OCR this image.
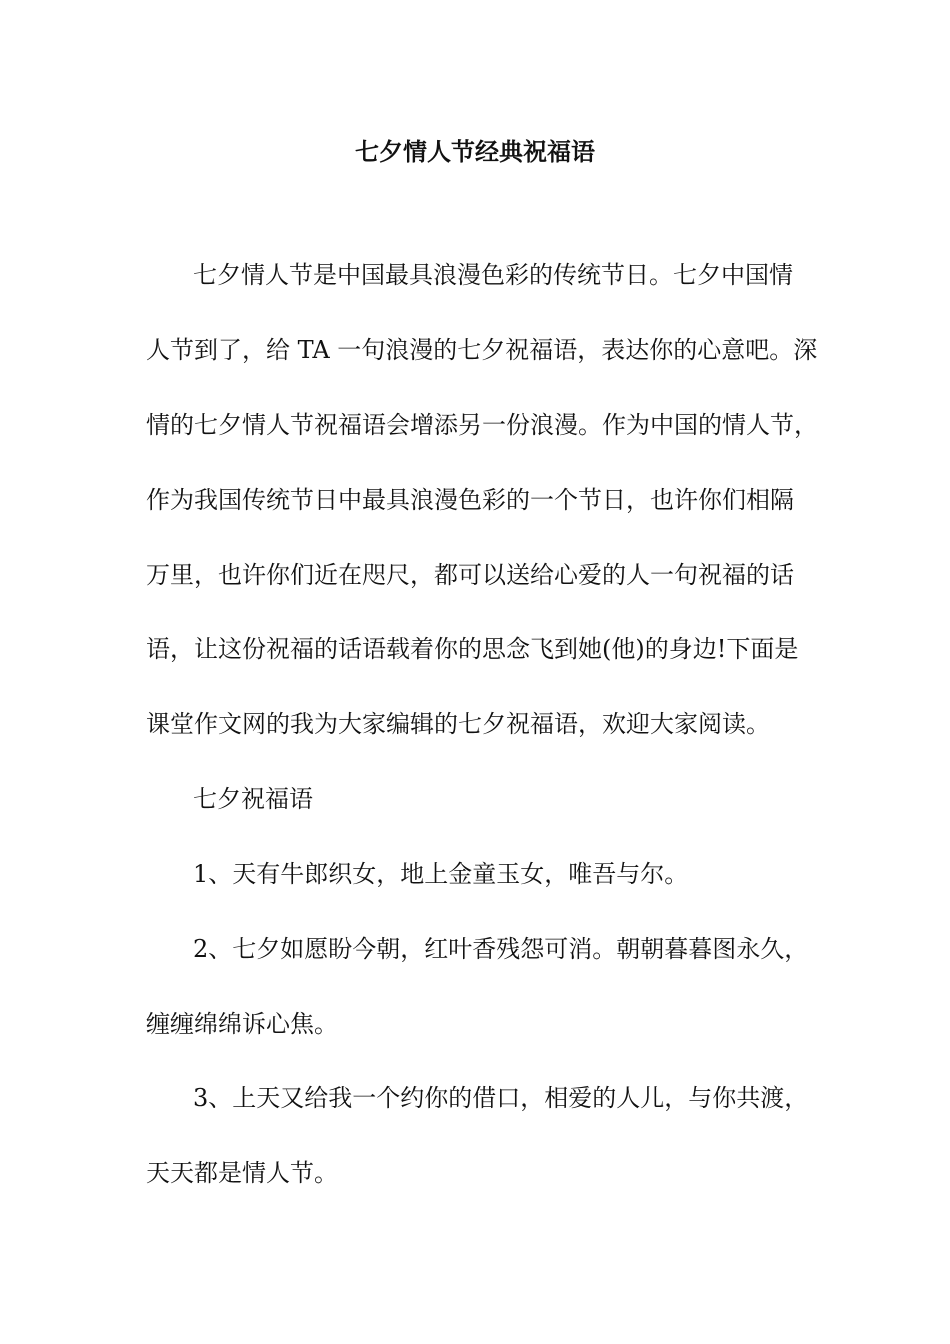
七夕情人节经典祝福语
七夕情人节是中国最具浪漫色彩的传统节日。七夕中国情
人节到了，给 TA 一句浪漫的七夕祝福语，表达你的心意吧。深
情的七夕情人节祝福语会增添另一份浪漫。作为中国的情人节，
作为我国传统节日中最具浪漫色彩的一个节日，也许你们相隔
万里，也许你们近在咫尺，都可以送给心爱的人一句祝福的话
语，让这份祝福的话语载着你的思念飞到她(他)的身边!下面是
课堂作文网的我为大家编辑的七夕祝福语，欢迎大家阅读。
七夕祝福语
1、天有牛郎织女，地上金童玉女，唯吾与尔。
2、七夕如愿盼今朝，红叶香残怨可消。朝朝暮暮图永久，
缠缠绵绵诉心焦。
3、上天又给我一个约你的借口，相爱的人儿，与你共渡，
天天都是情人节。
